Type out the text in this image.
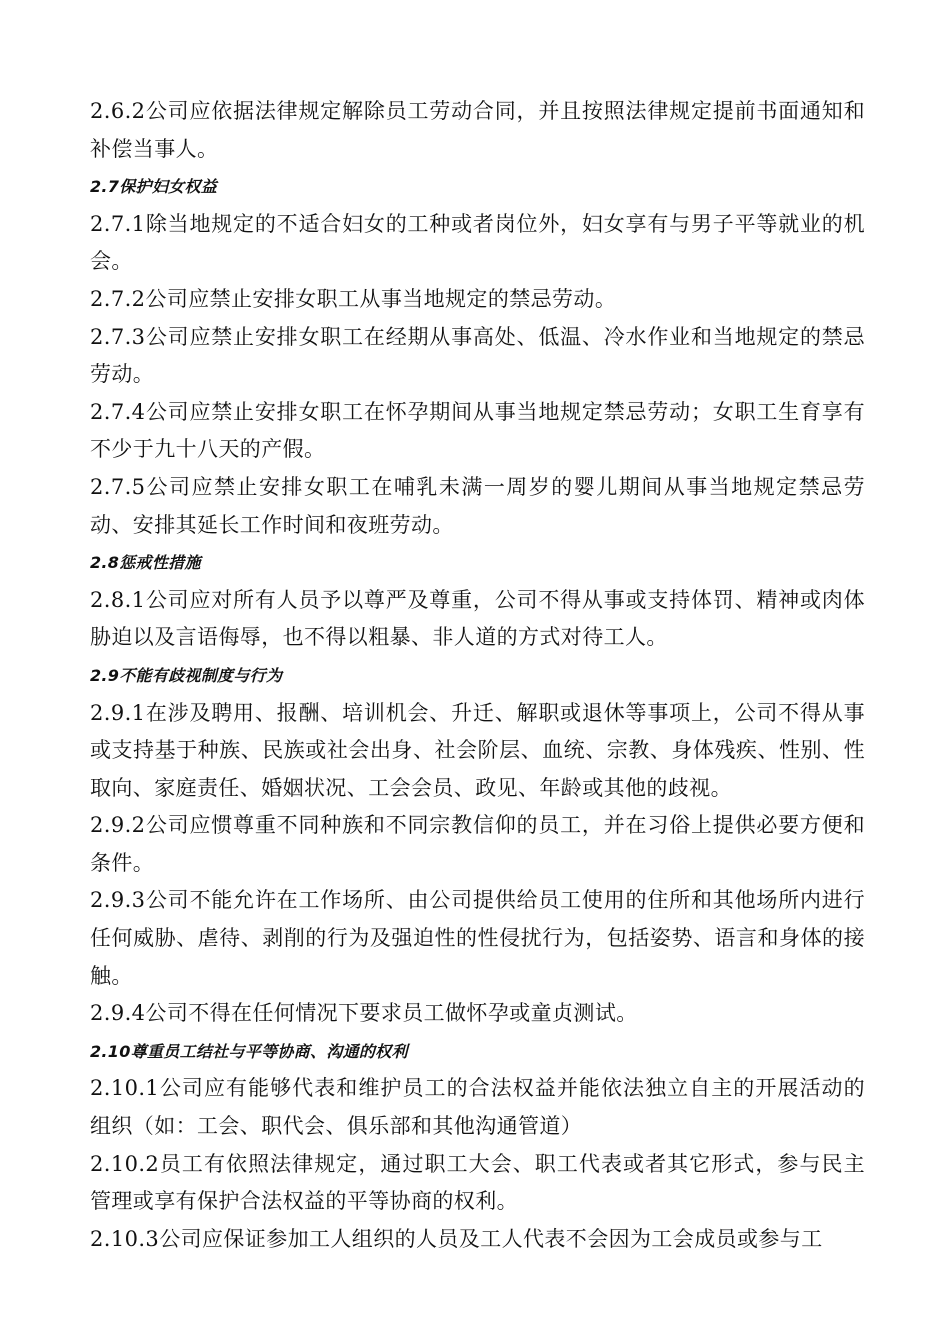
2.6.2公司应依据法律规定解除员工劳动合同，并且按照法律规定提前书面通知和补偿当事人。

2.7保护妇女权益

2.7.1除当地规定的不适合妇女的工种或者岗位外，妇女享有与男子平等就业的机会。

2.7.2公司应禁止安排女职工从事当地规定的禁忌劳动。

2.7.3公司应禁止安排女职工在经期从事高处、低温、冷水作业和当地规定的禁忌劳动。

2.7.4公司应禁止安排女职工在怀孕期间从事当地规定禁忌劳动；女职工生育享有不少于九十八天的产假。

2.7.5公司应禁止安排女职工在哺乳未满一周岁的婴儿期间从事当地规定禁忌劳动、安排其延长工作时间和夜班劳动。

2.8惩戒性措施

2.8.1公司应对所有人员予以尊严及尊重，公司不得从事或支持体罚、精神或肉体胁迫以及言语侮辱，也不得以粗暴、非人道的方式对待工人。

2.9不能有歧视制度与行为

2.9.1在涉及聘用、报酬、培训机会、升迁、解职或退休等事项上，公司不得从事或支持基于种族、民族或社会出身、社会阶层、血统、宗教、身体残疾、性别、性取向、家庭责任、婚姻状况、工会会员、政见、年龄或其他的歧视。

2.9.2公司应惯尊重不同种族和不同宗教信仰的员工，并在习俗上提供必要方便和条件。

2.9.3公司不能允许在工作场所、由公司提供给员工使用的住所和其他场所内进行任何威胁、虐待、剥削的行为及强迫性的性侵扰行为，包括姿势、语言和身体的接触。

2.9.4公司不得在任何情况下要求员工做怀孕或童贞测试。

2.10尊重员工结社与平等协商、沟通的权利

2.10.1公司应有能够代表和维护员工的合法权益并能依法独立自主的开展活动的组织（如：工会、职代会、俱乐部和其他沟通管道）

2.10.2员工有依照法律规定，通过职工大会、职工代表或者其它形式，参与民主管理或享有保护合法权益的平等协商的权利。

2.10.3公司应保证参加工人组织的人员及工人代表不会因为工会成员或参与工
